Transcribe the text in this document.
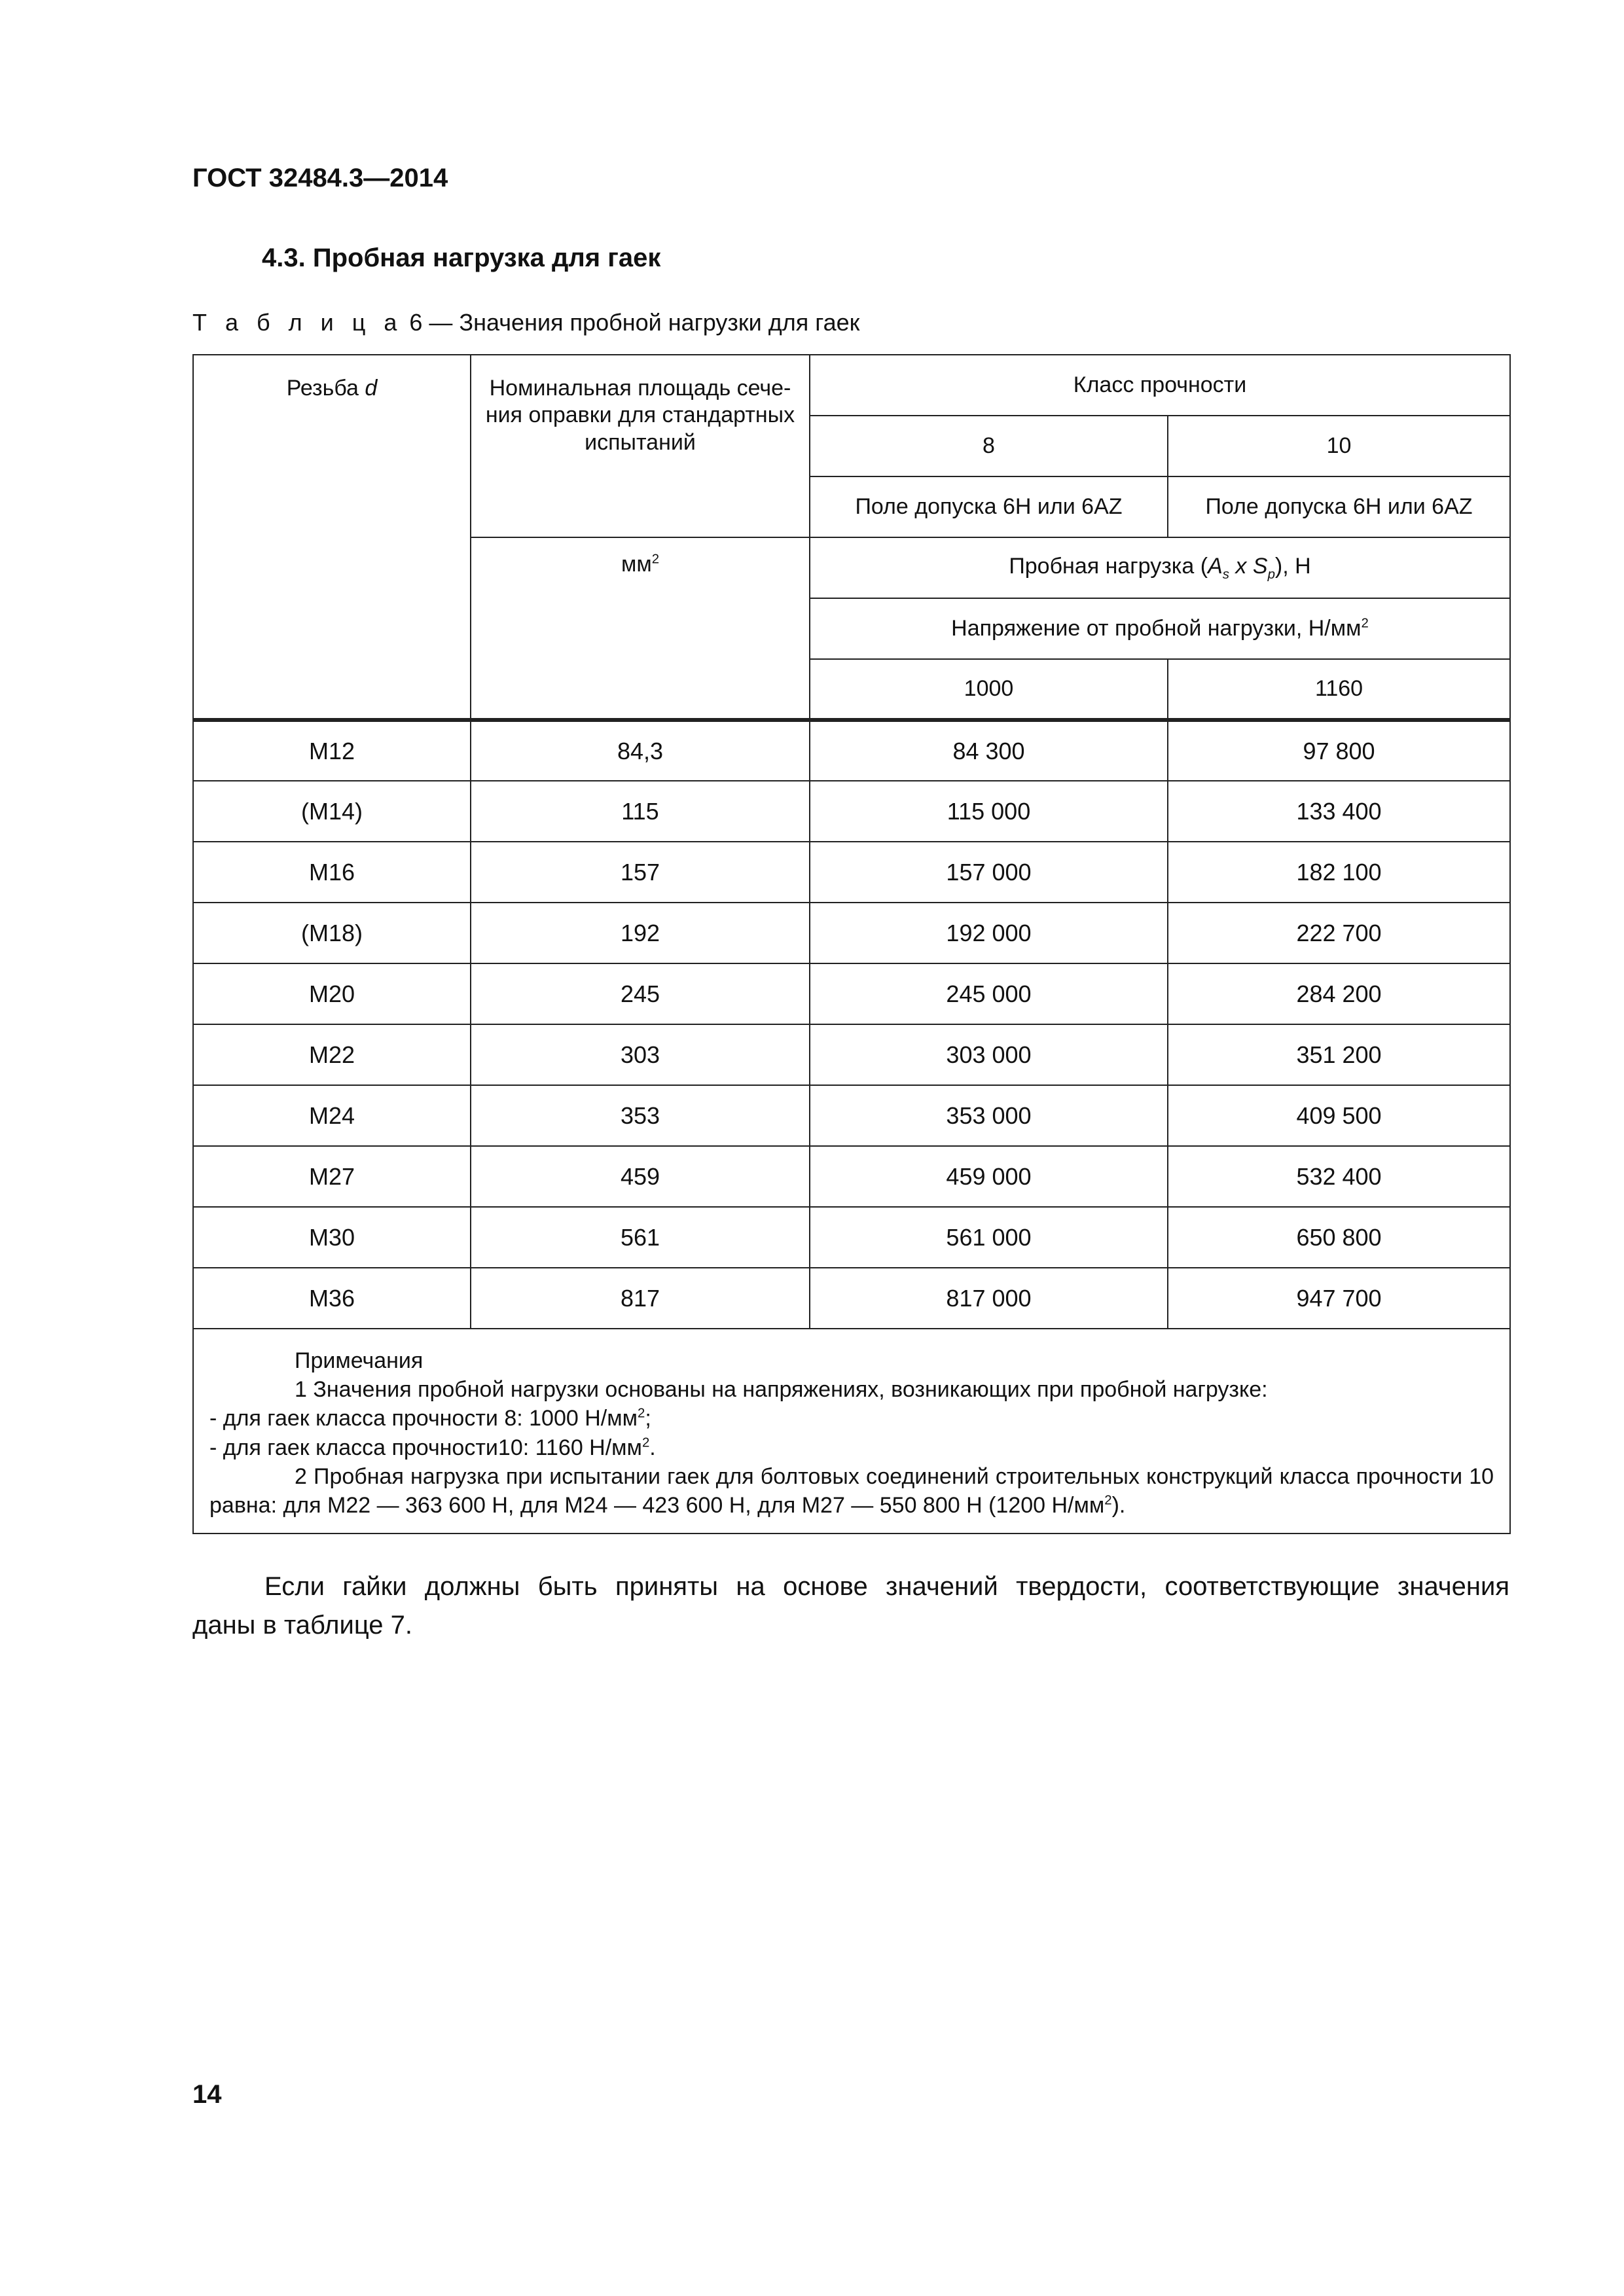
ГОСТ 32484.3—2014
4.3. Пробная нагрузка для гаек
Т а б л и ц а 6 — Значения пробной нагрузки для гаек
Резьба d	Номинальная площадь сече-ния оправки для стандартных испытаний	Класс прочности	
		8	10
		Поле допуска 6H или 6AZ	Поле допуска 6H или 6AZ
	$мм^2$	Пробная нагрузка ($A_s$ x $S_p$), Н	
		Напряжение от пробной нагрузки, $Н/мм^2$
		1000	1160
M12	84,3	84 300	97 800
(M14)	115	115 000	133 400
M16	157	157 000	182 100
(M18)	192	192 000	222 700
M20	245	245 000	284 200
M22	303	303 000	351 200
M24	353	353 000	409 500
M27	459	459 000	532 400
M30	561	561 000	650 800
M36	817	817 000	947 700

Примечания
1 Значения пробной нагрузки основаны на напряжениях, возникающих при пробной нагрузке:
- для гаек класса прочности 8: 1000 $Н/мм^2$;
- для гаек класса прочности10: 1160 $Н/мм^2$.
2 Пробная нагрузка при испытании гаек для болтовых соединений строительных конструкций класса прочности 10 равна: для М22 — 363 600 Н, для М24 — 423 600 Н, для М27 — 550 800 Н (1200 $Н/мм^2$).			
Если гайки должны быть приняты на основе значений твердости, соответствующие значения
даны в таблице 7.
14
